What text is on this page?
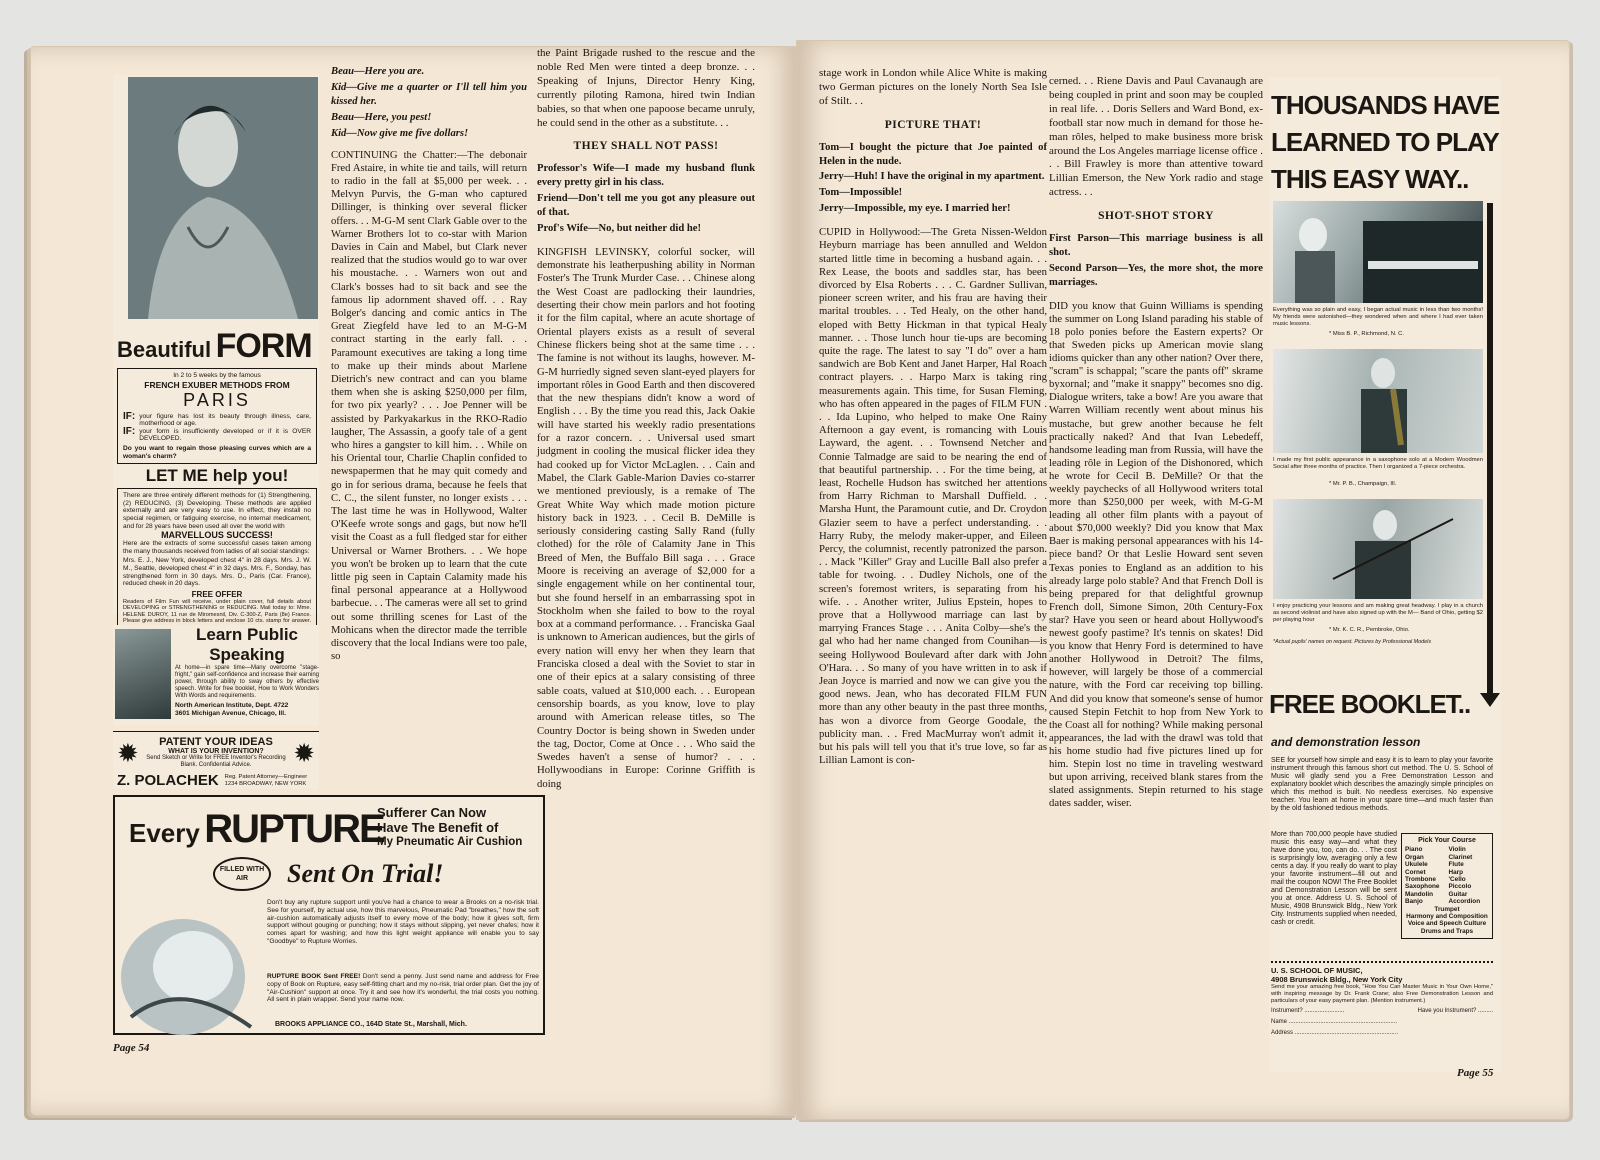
Beautiful FORM
In 2 to 5 weeks by the famous
FRENCH EXUBER METHODS FROM
PARIS
IF: your figure has lost its beauty through illness, care, motherhood or age.
IF: your form is insufficiently developed or if it is OVER DEVELOPED.
Do you want to regain those pleasing curves which are a woman's charm?
LET ME help you!
There are three entirely different methods for (1) Strengthening, (2) REDUCING, (3) Developing. These methods are applied externally and are very easy to use. In effect, they install no special regimen, or fatiguing exercise, no internal medicament, and for 28 years have been used all over the world with
MARVELLOUS SUCCESS!
Here are the extracts of some successful cases taken among the many thousands received from ladies of all social standings:
Mrs. E. J., New York, developed chest 4" in 28 days. Mrs. J. W. M., Seattle, developed chest 4" in 32 days. Mrs. F., Sonday, has strengthened form in 30 days. Mrs. D., Paris (Car. France), reduced cheek in 20 days.
FREE OFFER
Readers of Film Fun will receive, under plain cover, full details about DEVELOPING or STRENGTHENING or REDUCING. Mail today to: Mme. HELENE DUROY, 11 rue de Miromesnil, Div. C-300-Z, Paris (8e) France. Please give address in block letters and enclose 10 cts. stamp for answer.
Learn Public
Speaking
At home—in spare time—Many overcome "stage-fright," gain self-confidence and increase their earning power, through ability to sway others by effective speech. Write for free booklet, How to Work Wonders With Words and requirements.
North American Institute, Dept. 4722
3601 Michigan Avenue, Chicago, Ill.
✹	✹
PATENT YOUR IDEAS
WHAT IS YOUR INVENTION?
Send Sketch or Write for FREE Inventor's Recording Blank. Confidential Advice.
Z. POLACHEK Reg. Patent Attorney—Engineer
1234 BROADWAY, NEW YORK
Every RUPTURE
Sufferer Can Now
Have The Benefit of
My Pneumatic Air Cushion
Sent On Trial!
FILLED WITH AIR
Don't buy any rupture support until you've had a chance to wear a Brooks on a no-risk trial. See for yourself, by actual use, how this marvelous, Pneumatic Pad "breathes," how the soft air-cushion automatically adjusts itself to every move of the body; how it gives soft, firm support without gouging or punching; how it stays without slipping, yet never chafes; how it comes apart for washing; and how this light weight appliance will enable you to say "Goodbye" to Rupture Worries.
RUPTURE BOOK Sent FREE! Don't send a penny. Just send name and address for Free copy of Book on Rupture, easy self-fitting chart and my no-risk, trial order plan. Get the joy of "Air-Cushion" support at once. Try it and see how it's wonderful, the trial costs you nothing. All sent in plain wrapper. Send your name now.
BROOKS APPLIANCE CO., 164D State St., Marshall, Mich.
Beau—Here you are.
Kid—Give me a quarter or I'll tell him you kissed her.
Beau—Here, you pest!
Kid—Now give me five dollars!

CONTINUING the Chatter:—The debonair Fred Astaire, in white tie and tails, will return to radio in the fall at $5,000 per week. . . Melvyn Purvis, the G-man who captured Dillinger, is thinking over several flicker offers. . . M-G-M sent Clark Gable over to the Warner Brothers lot to co-star with Marion Davies in Cain and Mabel, but Clark never realized that the studios would go to war over his moustache. . . Warners won out and Clark's bosses had to sit back and see the famous lip adornment shaved off. . . Ray Bolger's dancing and comic antics in The Great Ziegfeld have led to an M-G-M contract starting in the early fall. . . Paramount executives are taking a long time to make up their minds about Marlene Dietrich's new contract and can you blame them when she is asking $250,000 per film, for two pix yearly? . . . Joe Penner will be assisted by Parkyakarkus in the RKO-Radio laugher, The Assassin, a goofy tale of a gent who hires a gangster to kill him. . . While on his Oriental tour, Charlie Chaplin confided to newspapermen that he may quit comedy and go in for serious drama, because he feels that C. C., the silent funster, no longer exists . . . The last time he was in Hollywood, Walter O'Keefe wrote songs and gags, but now he'll visit the Coast as a full fledged star for either Universal or Warner Brothers. . . We hope you won't be broken up to learn that the cute little pig seen in Captain Calamity made his final personal appearance at a Hollywood barbecue. . . The cameras were all set to grind out some thrilling scenes for Last of the Mohicans when the director made the terrible discovery that the local Indians were too pale, so

the Paint Brigade rushed to the rescue and the noble Red Men were tinted a deep bronze. . . Speaking of Injuns, Director Henry King, currently piloting Ramona, hired twin Indian babies, so that when one papoose became unruly, he could send in the other as a substitute. . .

THEY SHALL NOT PASS!
Professor's Wife—I made my husband flunk every pretty girl in his class.
Friend—Don't tell me you got any pleasure out of that.
Prof's Wife—No, but neither did he!

KINGFISH LEVINSKY, colorful socker, will demonstrate his leatherpushing ability in Norman Foster's The Trunk Murder Case. . . Chinese along the West Coast are padlocking their laundries, deserting their chow mein parlors and hot footing it for the film capital, where an acute shortage of Oriental players exists as a result of several Chinese flickers being shot at the same time . . . The famine is not without its laughs, however. M-G-M hurriedly signed seven slant-eyed players for important rôles in Good Earth and then discovered that the new thespians didn't know a word of English . . . By the time you read this, Jack Oakie will have started his weekly radio presentations for a razor concern. . . Universal used smart judgment in cooling the musical flicker idea they had cooked up for Victor McLaglen. . . Cain and Mabel, the Clark Gable-Marion Davies co-starrer we mentioned previously, is a remake of The Great White Way which made motion picture history back in 1923. . . Cecil B. DeMille is seriously considering casting Sally Rand (fully clothed) for the rôle of Calamity Jane in This Breed of Men, the Buffalo Bill saga . . . Grace Moore is receiving an average of $2,000 for a single engagement while on her continental tour, but she found herself in an embarrassing spot in Stockholm when she failed to bow to the royal box at a command performance. . . Franciska Gaal is unknown to American audiences, but the girls of every nation will envy her when they learn that Franciska closed a deal with the Soviet to star in one of their epics at a salary consisting of three sable coats, valued at $10,000 each. . . European censorship boards, as you know, love to play around with American release titles, so The Country Doctor is being shown in Sweden under the tag, Doctor, Come at Once . . . Who said the Swedes haven't a sense of humor? . . . Hollywoodians in Europe: Corinne Griffith is doing

Page 54

stage work in London while Alice White is making two German pictures on the lonely North Sea Isle of Stilt. . .

PICTURE THAT!
Tom—I bought the picture that Joe painted of Helen in the nude.
Jerry—Huh! I have the original in my apartment.
Tom—Impossible!
Jerry—Impossible, my eye. I married her!

CUPID in Hollywood:—The Greta Nissen-Weldon Heyburn marriage has been annulled and Weldon started little time in becoming a husband again. . . Rex Lease, the boots and saddles star, has been divorced by Elsa Roberts . . . C. Gardner Sullivan, pioneer screen writer, and his frau are having their marital troubles. . . Ted Healy, on the other hand, eloped with Betty Hickman in that typical Healy manner. . . Those lunch hour tie-ups are becoming quite the rage. The latest to say "I do" over a ham sandwich are Bob Kent and Janet Harper, Hal Roach contract players. . . Harpo Marx is taking ring measurements again. This time, for Susan Fleming, who has often appeared in the pages of FILM FUN . . . Ida Lupino, who helped to make One Rainy Afternoon a gay event, is romancing with Louis Layward, the agent. . . Townsend Netcher and Connie Talmadge are said to be nearing the end of that beautiful partnership. . . For the time being, at least, Rochelle Hudson has switched her attentions from Harry Richman to Marshall Duffield. . . Marsha Hunt, the Paramount cutie, and Dr. Croydon Glazier seem to have a perfect understanding. . . Harry Ruby, the melody maker-upper, and Eileen Percy, the columnist, recently patronized the parson. . . Mack "Killer" Gray and Lucille Ball also prefer a table for twoing. . . Dudley Nichols, one of the screen's foremost writers, is separating from his wife. . . Another writer, Julius Epstein, hopes to prove that a Hollywood marriage can last by marrying Frances Stage . . . Anita Colby—she's the gal who had her name changed from Counihan—is seeing Hollywood Boulevard after dark with John O'Hara. . . So many of you have written in to ask if Jean Joyce is married and now we can give you the good news. Jean, who has decorated FILM FUN more than any other beauty in the past three months, has won a divorce from George Goodale, the publicity man. . . Fred MacMurray won't admit it, but his pals will tell you that it's true love, so far as Lillian Lamont is con-

cerned. . . Riene Davis and Paul Cavanaugh are being coupled in print and soon may be coupled in real life. . . Doris Sellers and Ward Bond, ex-football star now much in demand for those he-man rôles, helped to make business more brisk around the Los Angeles marriage license office . . . Bill Frawley is more than attentive toward Lillian Emerson, the New York radio and stage actress. . .

SHOT-SHOT STORY
First Parson—This marriage business is all shot.
Second Parson—Yes, the more shot, the more marriages.

DID you know that Guinn Williams is spending the summer on Long Island parading his stable of 18 polo ponies before the Eastern experts? Or that Sweden picks up American movie slang idioms quicker than any other nation? Over there, "scram" is schappal; "scare the pants off" skrame byxornal; and "make it snappy" becomes sno dig. Dialogue writers, take a bow! Are you aware that Warren William recently went about minus his mustache, but grew another because he felt practically naked? And that Ivan Lebedeff, handsome leading man from Russia, will have the leading rôle in Legion of the Dishonored, which he wrote for Cecil B. DeMille? Or that the weekly paychecks of all Hollywood writers total more than $250,000 per week, with M-G-M leading all other film plants with a payout of about $70,000 weekly? Did you know that Max Baer is making personal appearances with his 14-piece band? Or that Leslie Howard sent seven Texas ponies to England as an addition to his already large polo stable? And that French Doll is being prepared for that delightful grownup French doll, Simone Simon, 20th Century-Fox star? Have you seen or heard about Hollywood's newest goofy pastime? It's tennis on skates! Did you know that Henry Ford is determined to have another Hollywood in Detroit? The films, however, will largely be those of a commercial nature, with the Ford car receiving top billing. And did you know that someone's sense of humor caused Stepin Fetchit to hop from New York to the Coast all for nothing? While making personal appearances, the lad with the drawl was told that his home studio had five pictures lined up for him. Stepin lost no time in traveling westward but upon arriving, received blank stares from the slated assignments. Stepin returned to his stage dates sadder, wiser.

THOUSANDS HAVE
LEARNED TO PLAY
THIS EASY WAY..
Everything was so plain and easy, I began actual music in less than two months! My friends were astonished—they wondered when and where I had ever taken music lessons.
* Miss B. P., Richmond, N. C.
I made my first public appearance in a saxophone solo at a Modern Woodmen Social after three months of practice. Then I organized a 7-piece orchestra.
* Mr. P. B., Champaign, Ill.
I enjoy practicing your lessons and am making great headway. I play in a church as second violinist and have also signed up with the M— Band of Ohio, getting $2 per playing hour
* Mr. K. C. R., Pembroke, Ohio.
*Actual pupils' names on request. Pictures by Professional Models
FREE BOOKLET..
and demonstration lesson
SEE for yourself how simple and easy it is to learn to play your favorite instrument through this famous short cut method. The U. S. School of Music will gladly send you a Free Demonstration Lesson and explanatory booklet which describes the amazingly simple principles on which this method is built. No needless exercises. No expensive teacher. You learn at home in your spare time—and much faster than by the old fashioned tedious methods.
More than 700,000 people have studied music this easy way—and what they have done you, too, can do. . . The cost is surprisingly low, averaging only a few cents a day. If you really do want to play your favorite instrument—fill out and mail the coupon NOW! The Free Booklet and Demonstration Lesson will be sent you at once. Address U. S. School of Music, 4908 Brunswick Bldg., New York City. Instruments supplied when needed, cash or credit.
Pick Your Course
Piano	Violin
Organ	Clarinet
Ukulele	Flute
Cornet	Harp
Trombone	'Cello
Saxophone	Piccolo
Mandolin	Guitar
Banjo	Accordion
Trumpet
Harmony and Composition
Voice and Speech Culture
Drums and Traps
U. S. SCHOOL OF MUSIC,
4908 Brunswick Bldg., New York City
Send me your amazing free book, "How You Can Master Music in Your Own Home," with inspiring message by Dr. Frank Crane; also Free Demonstration Lesson and particulars of your easy payment plan. (Mention instrument.)
Instrument? ........................	Have you Instrument? .........
Name .................................................................
Address ..............................................................
Page 55
